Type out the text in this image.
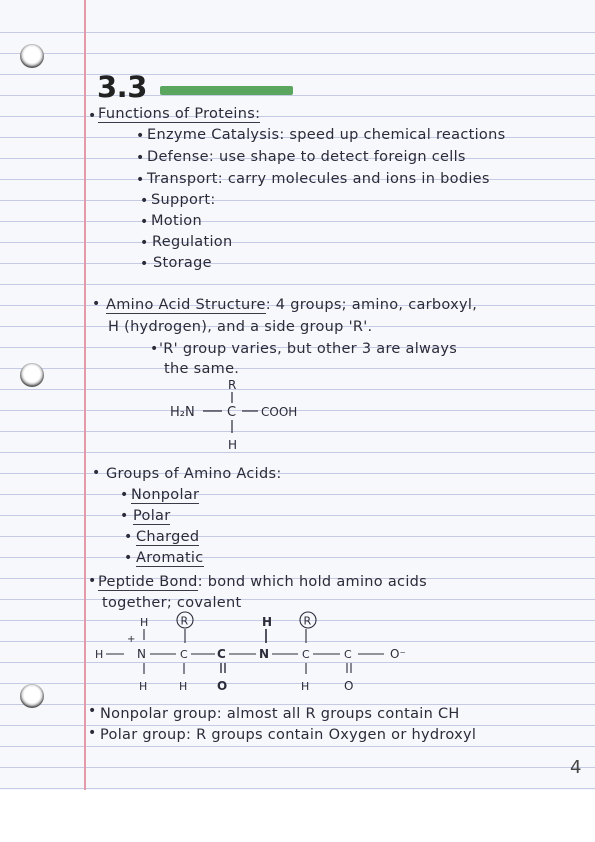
3.3
• Functions of Proteins:
• Enzyme Catalysis: speed up chemical reactions
• Defense: use shape to detect foreign cells
• Transport: carry molecules and ions in bodies
• Support:
• Motion
• Regulation
• Storage
• Amino Acid Structure: 4 groups; amino, carboxyl,
H (hydrogen), and a side group 'R'.
• 'R' group varies, but other 3 are always
the same.
• Groups of Amino Acids:
• Nonpolar
• Polar
• Charged
• Aromatic
• Peptide Bond: bond which hold amino acids
together; covalent
• Nonpolar group: almost all R groups contain CH
• Polar group: R groups contain Oxygen or hydroxyl
R
H₂N C COOH
H
H
+
R
H	N	C C	N	C	C	O⁻
H	R
H	H O	H	O
4
